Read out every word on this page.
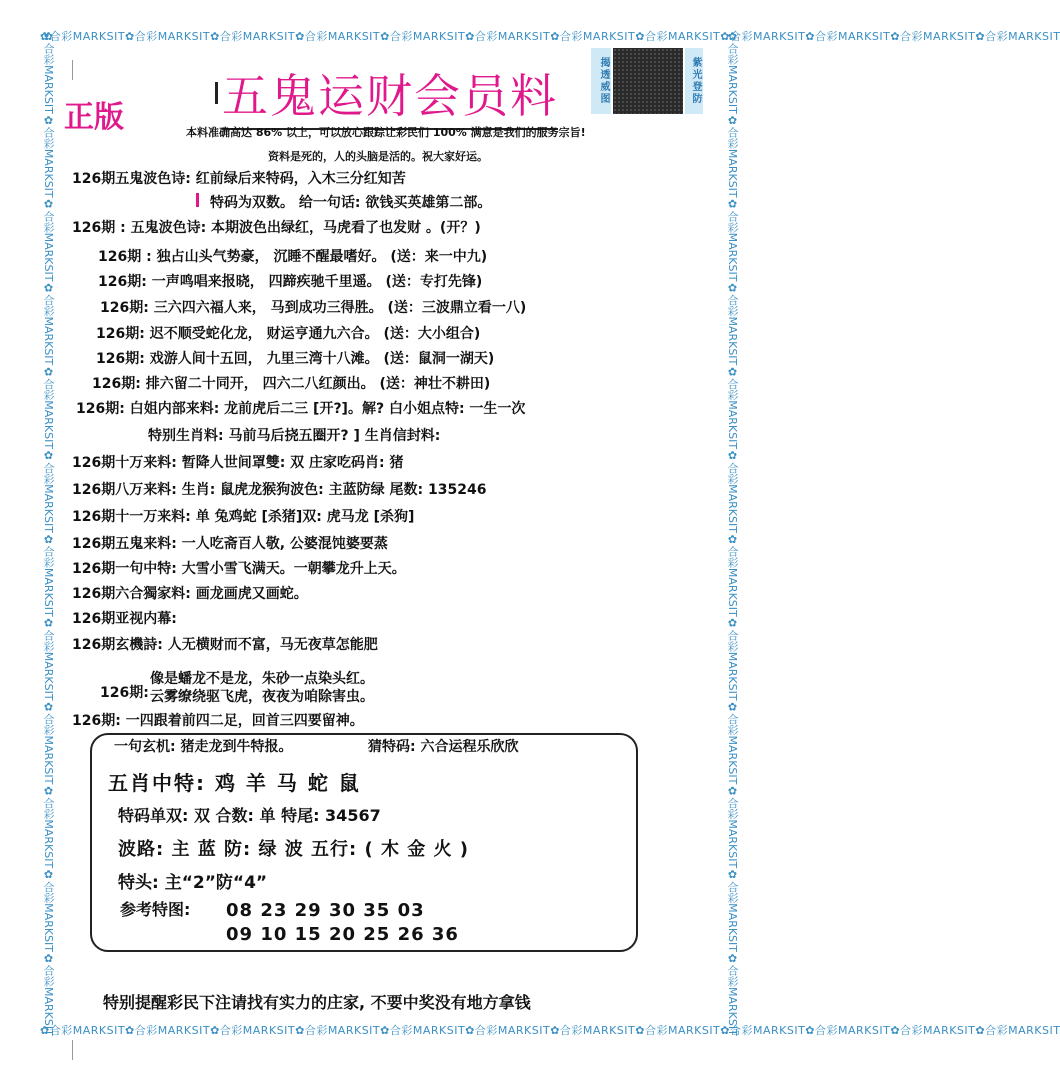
✿合彩MARKSIT✿合彩MARKSIT✿合彩MARKSIT✿合彩MARKSIT✿合彩MARKSIT✿合彩MARKSIT✿合彩MARKSIT✿合彩MARKSIT✿合彩MARKSIT✿合彩MARKSIT✿合彩MARKSIT✿合彩MARKSIT
✿合彩MARKSIT✿合彩MARKSIT✿合彩MARKSIT✿合彩MARKSIT✿合彩MARKSIT✿合彩MARKSIT✿合彩MARKSIT✿合彩MARKSIT✿合彩MARKSIT✿合彩MARKSIT✿合彩MARKSIT✿合彩MARKSIT
✿合彩MARKSIT✿合彩MARKSIT✿合彩MARKSIT✿合彩MARKSIT✿合彩MARKSIT✿合彩MARKSIT✿合彩MARKSIT✿合彩MARKSIT✿合彩MARKSIT✿合彩MARKSIT✿合彩MARKSIT✿合彩MARKSIT	✿合彩MARKSIT✿合彩MARKSIT✿合彩MARKSIT✿合彩MARKSIT✿合彩MARKSIT✿合彩MARKSIT✿合彩MARKSIT✿合彩MARKSIT✿合彩MARKSIT✿合彩MARKSIT✿合彩MARKSIT✿合彩MARKSIT
五鬼运财会员料
正版
揭透威图	紫光登防
本料准确高达 86% 以上，可以放心跟踪让彩民们 100% 满意是我们的服务宗旨!
资料是死的，人的头脑是活的。祝大家好运。
126期五鬼波色诗: 红前绿后来特码，入木三分红知苦
特码为双数。 给一句话: 欲钱买英雄第二部。
126期 : 五鬼波色诗: 本期波色出绿红，马虎看了也发财 。(开？)
126期 : 独占山头气势豪， 沉睡不醒最嗜好。 (送：来一中九)
126期: 一声鸣唱来报晓， 四蹄疾驰千里遥。 (送：专打先锋)
126期: 三六四六福人来， 马到成功三得胜。 (送：三波鼎立看一八)
126期: 迟不顺受蛇化龙， 财运亨通九六合。 (送：大小组合)
126期: 戏游人间十五回， 九里三湾十八滩。 (送：鼠洞一湖天)
126期: 排六留二十同开， 四六二八红颜出。 (送：神壮不耕田)
126期: 白姐内部来料: 龙前虎后二三 [开?]。解? 白小姐点特: 一生一次
特别生肖料: 马前马后挠五圈开? ] 生肖信封料:
126期十万来料: 暂降人世间罩雙: 双 庄家吃码肖: 猪
126期八万来料: 生肖: 鼠虎龙猴狗波色: 主蓝防绿 尾数: 135246
126期十一万来料: 单 兔鸡蛇 [杀猪]双: 虎马龙 [杀狗]
126期五鬼来料: 一人吃斋百人敬, 公婆混饨婆要蒸
126期一句中特: 大雪小雪飞满天。一朝攀龙升上天。
126期六合獨家料: 画龙画虎又画蛇。
126期亚视内幕:
126期玄機詩: 人无横财而不富，马无夜草怎能肥
像是蟠龙不是龙，朱砂一点染头红。
126期: 云雾缭绕驱飞虎，夜夜为咱除害虫。
126期: 一四跟着前四二足，回首三四要留神。
一句玄机: 猪走龙到牛特报。	猜特码: 六合运程乐欣欣
五肖中特: 鸡 羊 马 蛇 鼠
特码单双: 双 合数: 单 特尾: 34567
波路: 主 蓝 防: 绿 波 五行: ( 木 金 火 )
特头: 主“2”防“4”
参考特图: 08 23 29 30 35 03
09 10 15 20 25 26 36
特别提醒彩民下注请找有实力的庄家, 不要中奖没有地方拿钱
